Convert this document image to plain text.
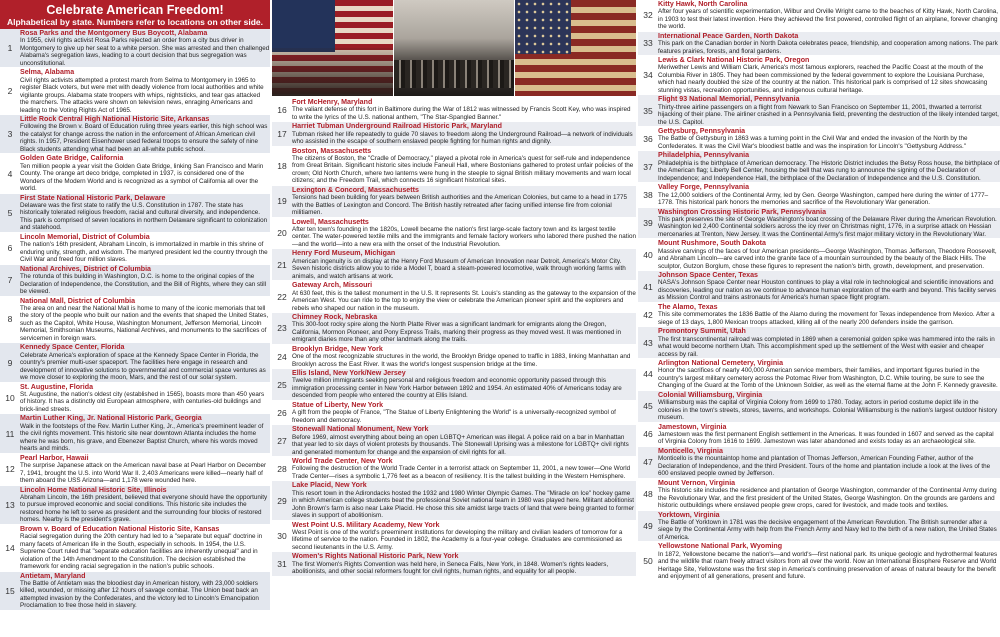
Celebrate American Freedom!
Alphabetical by state. Numbers refer to locations on other side.
1
Rosa Parks and the Montgomery Bus Boycott, Alabama
In 1955, civil rights activist Rosa Parks rejected an order from a city bus driver in Montgomery to give up her seat to a white person. She was arrested and then challenged Alabama's segregation laws, leading to a court decision that bus segregation was unconstitutional.
2
Selma, Alabama
Civil rights activists attempted a protest march from Selma to Montgomery in 1965 to register Black voters, but were met with deadly violence from local authorities and white vigilante groups. Alabama state troopers with whips, nightsticks, and tear gas attacked the marchers. The attacks were shown on television news, enraging Americans and leading to the Voting Rights Act of 1965.
3
Little Rock Central High National Historic Site, Arkansas
Following the Brown v. Board of Education ruling three years earlier, this high school was the catalyst for change across the nation in the enforcement of African American civil rights. In 1957, President Eisenhower used federal troops to ensure the safety of nine Black students attending what had been an all-white public school.
4
Golden Gate Bridge, California
Ten million people a year visit the Golden Gate Bridge, linking San Francisco and Marin County. The orange art deco bridge, completed in 1937, is considered one of the Wonders of the Modern World and is recognized as a symbol of California all over the world.
5
First State National Historic Park, Delaware
Delaware was the first state to ratify the U.S. Constitution in 1787. The state has historically tolerated religious freedom, racial and cultural diversity, and independence. This park is comprised of seven locations in northern Delaware significant to colonization and statehood.
6
Lincoln Memorial, District of Columbia
The nation's 16th president, Abraham Lincoln, is immortalized in marble in this shrine of enduring unity, strength, and wisdom. The martyred president led the country through the Civil War and freed four million slaves.
7
National Archives, District of Columbia
The rotunda of this building in Washington, D.C. is home to the original copies of the Declaration of Independence, the Constitution, and the Bill of Rights, where they can still be viewed.
8
National Mall, District of Columbia
The area on and near the National Mall is home to many of the iconic memorials that tell the story of the people who built our nation and the events that shaped the United States, such as the Capitol, White House, Washington Monument, Jefferson Memorial, Lincoln Memorial, Smithsonian Museums, National Archives, and monuments to the sacrifices of servicemen in foreign wars.
9
Kennedy Space Center, Florida
Celebrate America's exploration of space at the Kennedy Space Center in Florida, the country's premier multi-user spaceport. The facilities here engage in research and development of innovative solutions to governmental and commercial space ventures as we move closer to exploring the moon, Mars, and the rest of our solar system.
10
St. Augustine, Florida
St. Augustine, the nation's oldest city (established in 1565), boasts more than 450 years of history. It has a distinctly old European atmosphere, with centuries-old buildings and brick-lined streets.
11
Martin Luther King, Jr. National Historic Park, Georgia
Walk in the footsteps of the Rev. Martin Luther King, Jr., America's preeminent leader of the civil rights movement. This historic site near downtown Atlanta includes the home where he was born, his grave, and Ebenezer Baptist Church, where his words moved hearts and minds.
12
Pearl Harbor, Hawaii
The surprise Japanese attack on the American naval base at Pearl Harbor on December 7, 1941, brought the U.S. into World War II. 2,403 Americans were killed—nearly half of them aboard the USS Arizona—and 1,178 were wounded here.
13
Lincoln Home National Historic Site, Illinois
Abraham Lincoln, the 16th president, believed that everyone should have the opportunity to pursue improved economic and social conditions. This historic site includes the restored home he left to serve as president and the surrounding four blocks of restored homes. Nearby is the president's grave.
14
Brown v. Board of Education National Historic Site, Kansas
Racial segregation during the 20th century had led to a "separate but equal" doctrine in many facets of American life in the South, especially in schools. In 1954, the U.S. Supreme Court ruled that "separate education facilities are inherently unequal" and in violation of the 14th Amendment to the Constitution. The decision established the framework for ending racial segregation in the nation's public schools.
15
Antietam, Maryland
The Battle of Antietam was the bloodiest day in American history, with 23,000 soldiers killed, wounded, or missing after 12 hours of savage combat. The Union beat back an attempted invasion by the Confederates, and the victory led to Lincoln's Emancipation Proclamation to free those held in slavery.
16
Fort McHenry, Maryland
The valiant defense of this fort in Baltimore during the War of 1812 was witnessed by Francis Scott Key, who was inspired to write the lyrics of the U.S. national anthem, "The Star-Spangled Banner."
17
Harriet Tubman Underground Railroad Historic Park, Maryland
Tubman risked her life repeatedly to guide 70 slaves to freedom along the Underground Railroad—a network of individuals who assisted in the escape of southern enslaved people fighting for human rights and dignity.
18
Boston, Massachusetts
The citizens of Boston, the "Cradle of Democracy," played a pivotal role in America's quest for self-rule and independence from Great Britain. Significant historic sites include Faneuil Hall, where Bostonians gathered to protest unfair policies of the crown; Old North Church, where two lanterns were hung in the steeple to signal British military movements and warn local citizens; and the Freedom Trail, which connects 16 significant historical sites.
19
Lexington & Concord, Massachusetts
Tensions had been building for years between British authorities and the American Colonies, but came to a head in 1775 with the Battles of Lexington and Concord. The British hastily retreated after facing unified intense fire from colonial militiamen.
20
Lowell, Massachusetts
After ten town's founding in the 1820s, Lowell became the nation's first large-scale factory town and its largest textile center. The water-powered textile mills and the immigrants and female factory workers who labored there pushed the nation—and the world—into a new era with the onset of the Industrial Revolution.
21
Henry Ford Museum, Michigan
American ingenuity is on display at the Henry Ford Museum of American Innovation near Detroit, America's Motor City. Seven historic districts allow you to ride a Model T, board a steam-powered locomotive, walk through working farms with animals, and watch artisans at work.
22
Gateway Arch, Missouri
At 630 feet, this is the tallest monument in the U.S. It represents St. Louis's standing as the gateway to the expansion of the American West. You can ride to the top to enjoy the view or celebrate the American pioneer spirit and the explorers and rebels who shaped our nation in the museum.
23
Chimney Rock, Nebraska
This 300-foot rocky spire along the North Platte River was a significant landmark for emigrants along the Oregon, California, Mormon Pioneer, and Pony Express Trails, marking their progress as they moved west. It was mentioned in emigrant diaries more than any other landmark along the trails.
24
Brooklyn Bridge, New York
One of the most recognizable structures in the world, the Brooklyn Bridge opened to traffic in 1883, linking Manhattan and Brooklyn across the East River. It was the world's longest suspension bridge at the time.
25
Ellis Island, New York/New Jersey
Twelve million immigrants seeking personal and religious freedom and economic opportunity passed through this immigration processing center in New York Harbor between 1892 and 1954. An estimated 40% of Americans today are descended from people who entered the country at Ellis Island.
26
Statue of Liberty, New York
A gift from the people of France, "The Statue of Liberty Enlightening the World" is a universally-recognized symbol of freedom and democracy.
27
Stonewall National Monument, New York
Before 1969, almost everything about being an open LGBTQ+ American was illegal. A police raid on a bar in Manhattan that year led to six days of violent protests by thousands. The Stonewall Uprising was a milestone for LGBTQ+ civil rights and generated momentum for change and the expansion of civil rights for all.
28
World Trade Center, New York
Following the destruction of the World Trade Center in a terrorist attack on September 11, 2001, a new tower—One World Trade Center—rises a symbolic 1,776 feet as a beacon of resiliency. It is the tallest building in the Western Hemisphere.
29
Lake Placid, New York
This resort town in the Adirondacks hosted the 1932 and 1980 Winter Olympic Games. The "Miracle on Ice" hockey game in which American college students beat the professional Soviet national team in 1980 was played here. Militant abolitionist John Brown's farm is also near Lake Placid. He chose this site amidst large tracts of land that were being granted to former slaves in support of abolitionism.
30
West Point U.S. Military Academy, New York
West Point is one of the world's preeminent institutions for developing the military and civilian leaders of tomorrow for a lifetime of service to the nation. Founded in 1802, the Academy is a four-year college. Graduates are commissioned as second lieutenants in the U.S. Army.
31
Women's Rights National Historic Park, New York
The first Women's Rights Convention was held here, in Seneca Falls, New York, in 1848. Women's rights leaders, abolitionists, and other social reformers fought for civil rights, human rights, and equality for all people.
32
Kitty Hawk, North Carolina
After four years of scientific experimentation, Wilbur and Orville Wright came to the beaches of Kitty Hawk, North Carolina, in 1903 to test their latest invention. Here they achieved the first powered, controlled flight of an airplane, forever changing the world.
33
International Peace Garden, North Dakota
This park on the Canadian border in North Dakota celebrates peace, friendship, and cooperation among nations. The park features prairies, forests, and floral gardens.
34
Lewis & Clark National Historic Park, Oregon
Meriwether Lewis and William Clark, America's most famous explorers, reached the Pacific Coast at the mouth of the Columbia River in 1805. They had been commissioned by the federal government to explore the Louisiana Purchase, which had nearly doubled the size of the country at the nation. This historical park is comprised of 12 sites showcasing stunning vistas, recreation opportunities, and indigenous cultural heritage.
35
Flight 93 National Memorial, Pennsylvania
Thirty-three airline passengers on a flight from Newark to San Francisco on September 11, 2001, thwarted a terrorist hijacking of their plane. The airliner crashed in a Pennsylvania field, preventing the destruction of the likely intended target, the U.S. Capitol.
36
Gettysburg, Pennsylvania
The Battle of Gettysburg in 1863 was a turning point in the Civil War and ended the invasion of the North by the Confederates. It was the Civil War's bloodiest battle and was the inspiration for Lincoln's "Gettysburg Address."
37
Philadelphia, Pennsylvania
Philadelphia is the birthplace of American democracy. The Historic District includes the Betsy Ross house, the birthplace of the American flag; Liberty Bell Center, housing the bell that was rung to announce the signing of the Declaration of Independence; and Independence Hall, the birthplace of the Declaration of Independence and the U.S. Constitution.
38
Valley Forge, Pennsylvania
The 12,000 soldiers of the Continental Army, led by Gen. George Washington, camped here during the winter of 1777–1778. This historical park honors the memories and sacrifice of the Revolutionary War generation.
39
Washington Crossing Historic Park, Pennsylvania
This park preserves the site of George Washington's boat crossing of the Delaware River during the American Revolution. Washington led 2,400 Continental soldiers across the icy river on Christmas night, 1776, in a surprise attack on Hessian mercenaries at Trenton, New Jersey. It was the Continental Army's first major military victory in the Revolutionary War.
40
Mount Rushmore, South Dakota
Massive carvings of the faces of four American presidents—George Washington, Thomas Jefferson, Theodore Roosevelt, and Abraham Lincoln—are carved into the granite face of a mountain surrounded by the beauty of the Black Hills. The sculptor, Gutzon Borglum, chose these figures to represent the nation's birth, growth, development, and preservation.
41
Johnson Space Center, Texas
NASA's Johnson Space Center near Houston continues to play a vital role in technological and scientific innovations and discoveries, leading our nation as we continue to advance human exploration of the earth and beyond. This facility serves as Mission Control and trains astronauts for America's human space flight program.
42
The Alamo, Texas
This site commemorates the 1836 Battle of the Alamo during the movement for Texas independence from Mexico. After a siege of 13 days, 1,800 Mexican troops attacked, killing all of the nearly 200 defenders inside the garrison.
43
Promontory Summit, Utah
The first transcontinental railroad was completed in 1869 when a ceremonial golden spike was hammered into the rails in what would become northern Utah. This accomplishment sped up the settlement of the West with easier and cheaper access by rail.
44
Arlington National Cemetery, Virginia
Honor the sacrifices of nearly 400,000 American service members, their families, and important figures buried in the country's largest military cemetery across the Potomac River from Washington, D.C. While touring, be sure to see the Changing of the Guard at the Tomb of the Unknown Soldier, as well as the eternal flame at the John F. Kennedy gravesite.
45
Colonial Williamsburg, Virginia
Williamsburg was the capital of Virginia Colony from 1699 to 1780. Today, actors in period costume depict life in the colonies in the town's streets, stores, taverns, and workshops. Colonial Williamsburg is the nation's largest outdoor history museum.
46
Jamestown, Virginia
Jamestown was the first permanent English settlement in the Americas. It was founded in 1607 and served as the capital of Virginia Colony from 1616 to 1699. Jamestown was later abandoned and exists today as an archaeological site.
47
Monticello, Virginia
Monticello is the mountaintop home and plantation of Thomas Jefferson, American Founding Father, author of the Declaration of Independence, and the third President. Tours of the home and plantation include a look at the lives of the 600 enslaved people owned by Jefferson.
48
Mount Vernon, Virginia
This historic site includes the residence and plantation of George Washington, commander of the Continental Army during the Revolutionary War, and the first president of the United States, George Washington. On the grounds are gardens and historic outbuildings where enslaved people grew crops, cared for livestock, and made tools and textiles.
49
Yorktown, Virginia
The Battle of Yorktown in 1781 was the decisive engagement of the American Revolution. The British surrender after a siege by the Continental Army with help from the French Army and Navy led to the birth of a new nation, the United States of America.
50
Yellowstone National Park, Wyoming
In 1872, Yellowstone became the nation's—and world's—first national park. Its unique geologic and hydrothermal features and the wildlife that roam freely attract visitors from all over the world. Now an International Biosphere Reserve and World Heritage Site, Yellowstone was the first step in America's continuing preservation of areas of natural beauty for the benefit and enjoyment of all generations, present and future.
